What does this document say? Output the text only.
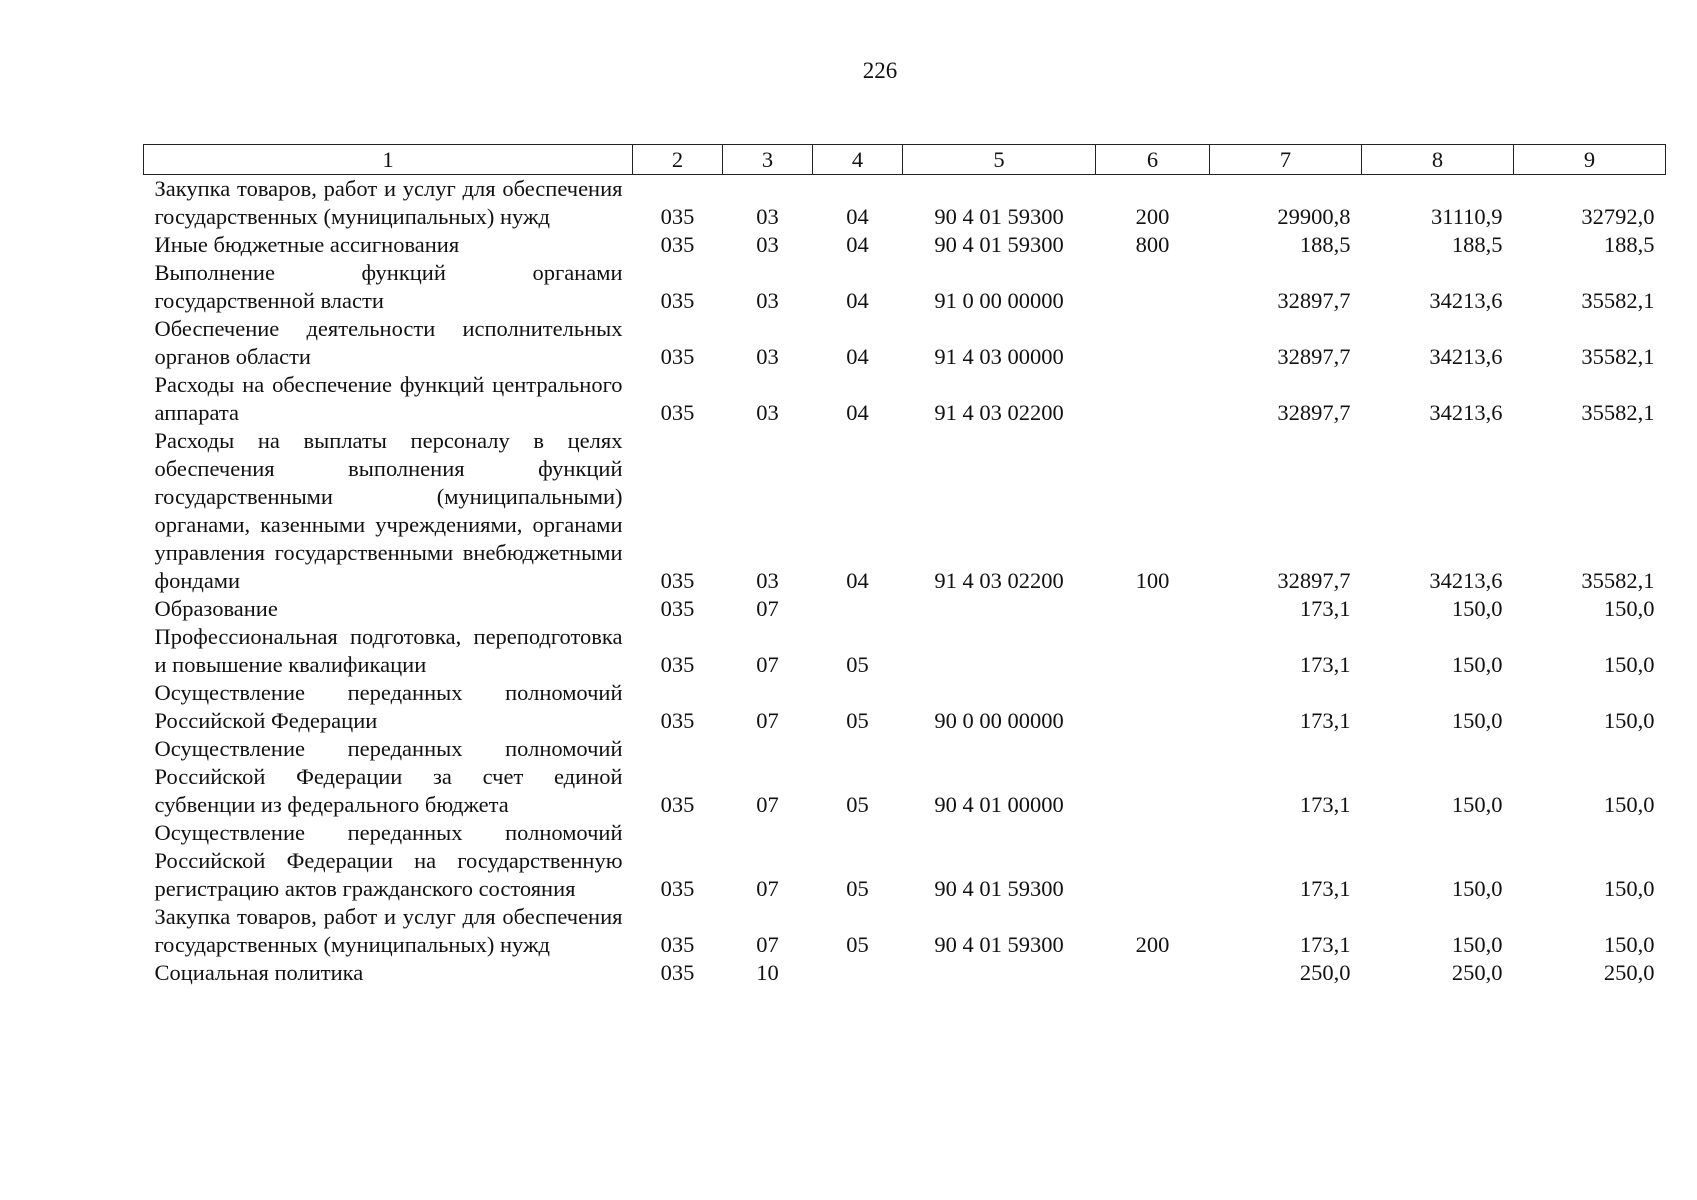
226
1	2	3	4	5	6	7	8	9
Закупка товаров, работ и услуг для обеспечения государственных (муниципальных) нужд	035	03	04	90 4 01 59300	200	29900,8	31110,9	32792,0
Иные бюджетные ассигнования	035	03	04	90 4 01 59300	800	188,5	188,5	188,5
Выполнение функций органами государственной власти	035	03	04	91 0 00 00000		32897,7	34213,6	35582,1
Обеспечение деятельности исполнительных органов области	035	03	04	91 4 03 00000		32897,7	34213,6	35582,1
Расходы на обеспечение функций центрального аппарата	035	03	04	91 4 03 02200		32897,7	34213,6	35582,1
Расходы на выплаты персоналу в целях обеспечения выполнения функций государственными (муниципальными) органами, казенными учреждениями, органами управления государственными внебюджетными фондами	035	03	04	91 4 03 02200	100	32897,7	34213,6	35582,1
Образование	035	07				173,1	150,0	150,0
Профессиональная подготовка, переподготовка и повышение квалификации	035	07	05			173,1	150,0	150,0
Осуществление переданных полномочий Российской Федерации	035	07	05	90 0 00 00000		173,1	150,0	150,0
Осуществление переданных полномочий Российской Федерации за счет единой субвенции из федерального бюджета	035	07	05	90 4 01 00000		173,1	150,0	150,0
Осуществление переданных полномочий Российской Федерации на государственную регистрацию актов гражданского состояния	035	07	05	90 4 01 59300		173,1	150,0	150,0
Закупка товаров, работ и услуг для обеспечения государственных (муниципальных) нужд	035	07	05	90 4 01 59300	200	173,1	150,0	150,0
Социальная политика	035	10				250,0	250,0	250,0
